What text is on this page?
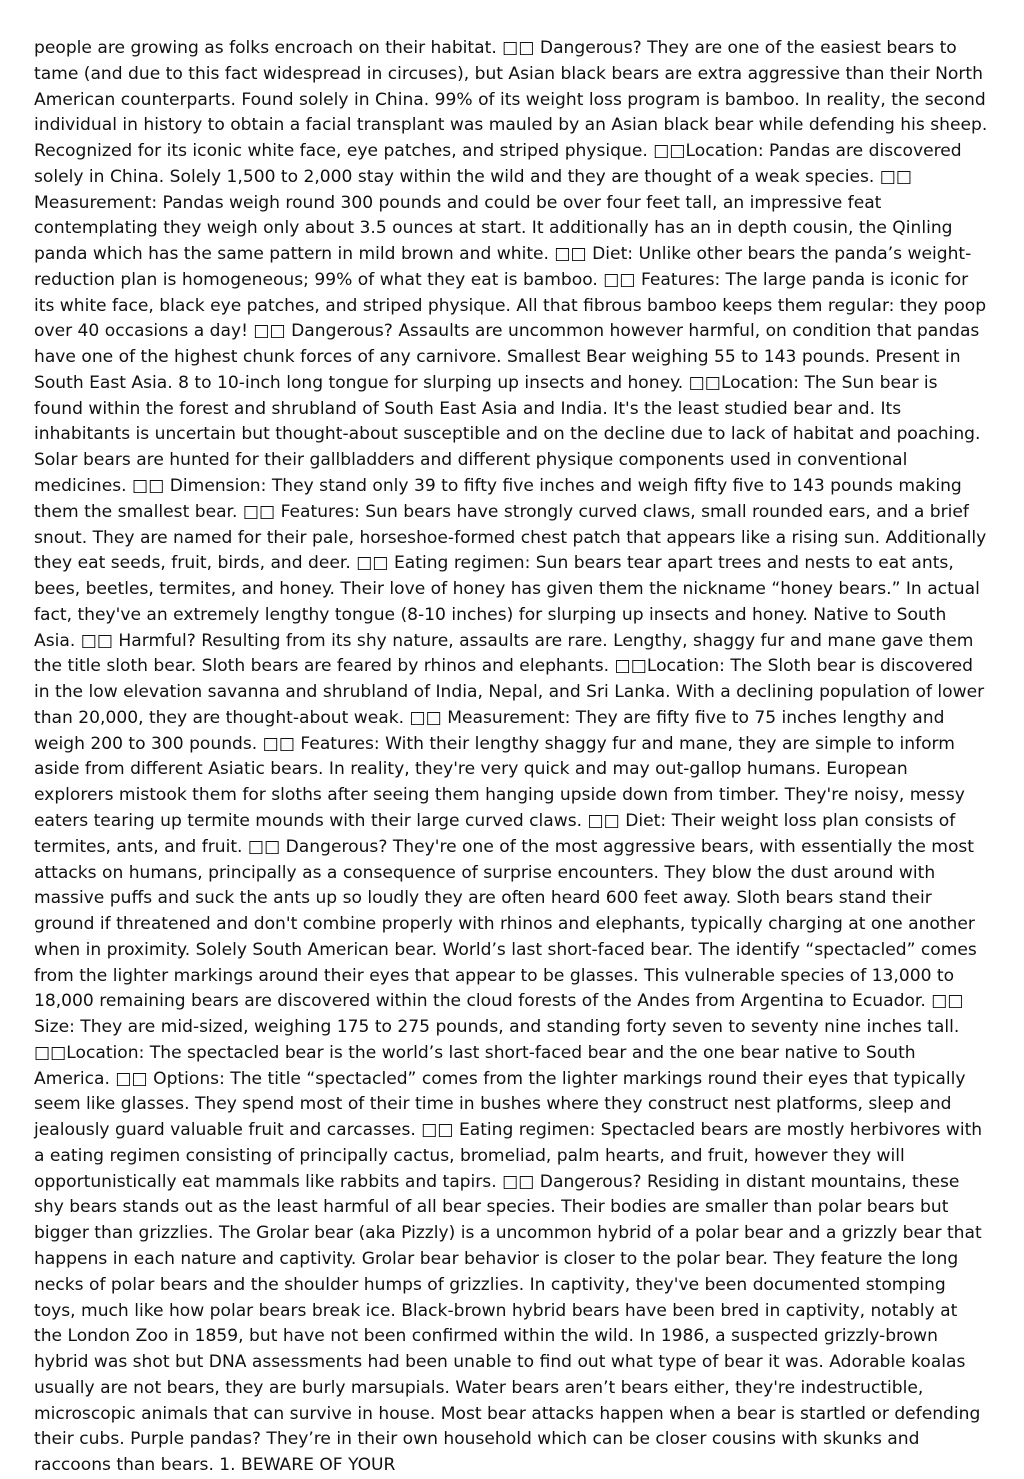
people are growing as folks encroach on their habitat. □□ Dangerous? They are one of the easiest bears to tame (and due to this fact widespread in circuses), but Asian black bears are extra aggressive than their North American counterparts. Found solely in China. 99% of its weight loss program is bamboo. In reality, the second individual in history to obtain a facial transplant was mauled by an Asian black bear while defending his sheep. Recognized for its iconic white face, eye patches, and striped physique. □□Location: Pandas are discovered solely in China. Solely 1,500 to 2,000 stay within the wild and they are thought of a weak species. □□ Measurement: Pandas weigh round 300 pounds and could be over four feet tall, an impressive feat contemplating they weigh only about 3.5 ounces at start. It additionally has an in depth cousin, the Qinling panda which has the same pattern in mild brown and white. □□ Diet: Unlike other bears the panda’s weight-reduction plan is homogeneous; 99% of what they eat is bamboo. □□ Features: The large panda is iconic for its white face, black eye patches, and striped physique. All that fibrous bamboo keeps them regular: they poop over 40 occasions a day! □□ Dangerous? Assaults are uncommon however harmful, on condition that pandas have one of the highest chunk forces of any carnivore. Smallest Bear weighing 55 to 143 pounds. Present in South East Asia. 8 to 10-inch long tongue for slurping up insects and honey. □□Location: The Sun bear is found within the forest and shrubland of South East Asia and India. It's the least studied bear and. Its inhabitants is uncertain but thought-about susceptible and on the decline due to lack of habitat and poaching. Solar bears are hunted for their gallbladders and different physique components used in conventional medicines. □□ Dimension: They stand only 39 to fifty five inches and weigh fifty five to 143 pounds making them the smallest bear. □□ Features: Sun bears have strongly curved claws, small rounded ears, and a brief snout. They are named for their pale, horseshoe-formed chest patch that appears like a rising sun. Additionally they eat seeds, fruit, birds, and deer. □□ Eating regimen: Sun bears tear apart trees and nests to eat ants, bees, beetles, termites, and honey. Their love of honey has given them the nickname “honey bears.” In actual fact, they've an extremely lengthy tongue (8-10 inches) for slurping up insects and honey. Native to South Asia. □□ Harmful? Resulting from its shy nature, assaults are rare. Lengthy, shaggy fur and mane gave them the title sloth bear. Sloth bears are feared by rhinos and elephants. □□Location: The Sloth bear is discovered in the low elevation savanna and shrubland of India, Nepal, and Sri Lanka. With a declining population of lower than 20,000, they are thought-about weak. □□ Measurement: They are fifty five to 75 inches lengthy and weigh 200 to 300 pounds. □□ Features: With their lengthy shaggy fur and mane, they are simple to inform aside from different Asiatic bears. In reality, they're very quick and may out-gallop humans. European explorers mistook them for sloths after seeing them hanging upside down from timber. They're noisy, messy eaters tearing up termite mounds with their large curved claws. □□ Diet: Their weight loss plan consists of termites, ants, and fruit. □□ Dangerous? They're one of the most aggressive bears, with essentially the most attacks on humans, principally as a consequence of surprise encounters. They blow the dust around with massive puffs and suck the ants up so loudly they are often heard 600 feet away. Sloth bears stand their ground if threatened and don't combine properly with rhinos and elephants, typically charging at one another when in proximity. Solely South American bear. World’s last short-faced bear. The identify “spectacled” comes from the lighter markings around their eyes that appear to be glasses. This vulnerable species of 13,000 to 18,000 remaining bears are discovered within the cloud forests of the Andes from Argentina to Ecuador. □□ Size: They are mid-sized, weighing 175 to 275 pounds, and standing forty seven to seventy nine inches tall. □□Location: The spectacled bear is the world’s last short-faced bear and the one bear native to South America. □□ Options: The title “spectacled” comes from the lighter markings round their eyes that typically seem like glasses. They spend most of their time in bushes where they construct nest platforms, sleep and jealously guard valuable fruit and carcasses. □□ Eating regimen: Spectacled bears are mostly herbivores with a eating regimen consisting of principally cactus, bromeliad, palm hearts, and fruit, however they will opportunistically eat mammals like rabbits and tapirs. □□ Dangerous? Residing in distant mountains, these shy bears stands out as the least harmful of all bear species. Their bodies are smaller than polar bears but bigger than grizzlies. The Grolar bear (aka Pizzly) is a uncommon hybrid of a polar bear and a grizzly bear that happens in each nature and captivity. Grolar bear behavior is closer to the polar bear. They feature the long necks of polar bears and the shoulder humps of grizzlies. In captivity, they've been documented stomping toys, much like how polar bears break ice. Black-brown hybrid bears have been bred in captivity, notably at the London Zoo in 1859, but have not been confirmed within the wild. In 1986, a suspected grizzly-brown hybrid was shot but DNA assessments had been unable to find out what type of bear it was. Adorable koalas usually are not bears, they are burly marsupials. Water bears aren’t bears either, they're indestructible, microscopic animals that can survive in house. Most bear attacks happen when a bear is startled or defending their cubs. Purple pandas? They’re in their own household which can be closer cousins with skunks and raccoons than bears. 1. BEWARE OF YOUR
